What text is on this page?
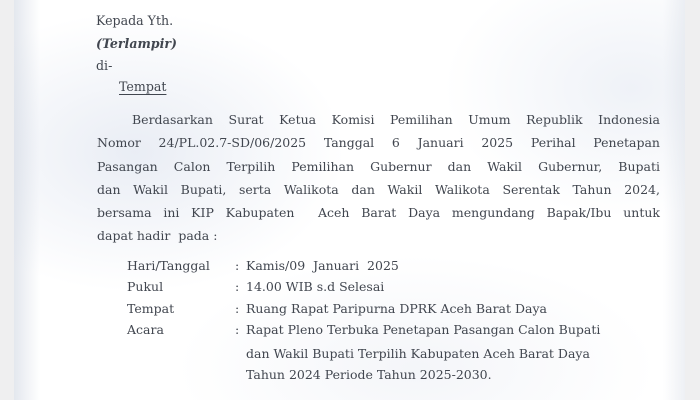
Kepada Yth.
(Terlampir)
di-
Tempat
Berdasarkan  Surat  Ketua  Komisi  Pemilihan  Umum  Republik  Indonesia
Nomor  24/PL.02.7-SD/06/2025  Tanggal  6  Januari  2025  Perihal  Penetapan
Pasangan  Calon  Terpilih  Pemilihan  Gubernur  dan  Wakil  Gubernur,  Bupati
dan Wakil Bupati, serta Walikota dan Wakil Walikota Serentak Tahun 2024,
bersama ini KIP Kabupaten  Aceh Barat Daya mengundang Bapak/Ibu untuk
dapat hadir  pada :
Hari/Tanggal : Kamis/09  Januari  2025
Pukul	: 14.00 WIB s.d Selesai
Tempat	: Ruang Rapat Paripurna DPRK Aceh Barat Daya
Acara	: Rapat Pleno Terbuka Penetapan Pasangan Calon Bupati
dan Wakil Bupati Terpilih Kabupaten Aceh Barat Daya
Tahun 2024 Periode Tahun 2025-2030.
